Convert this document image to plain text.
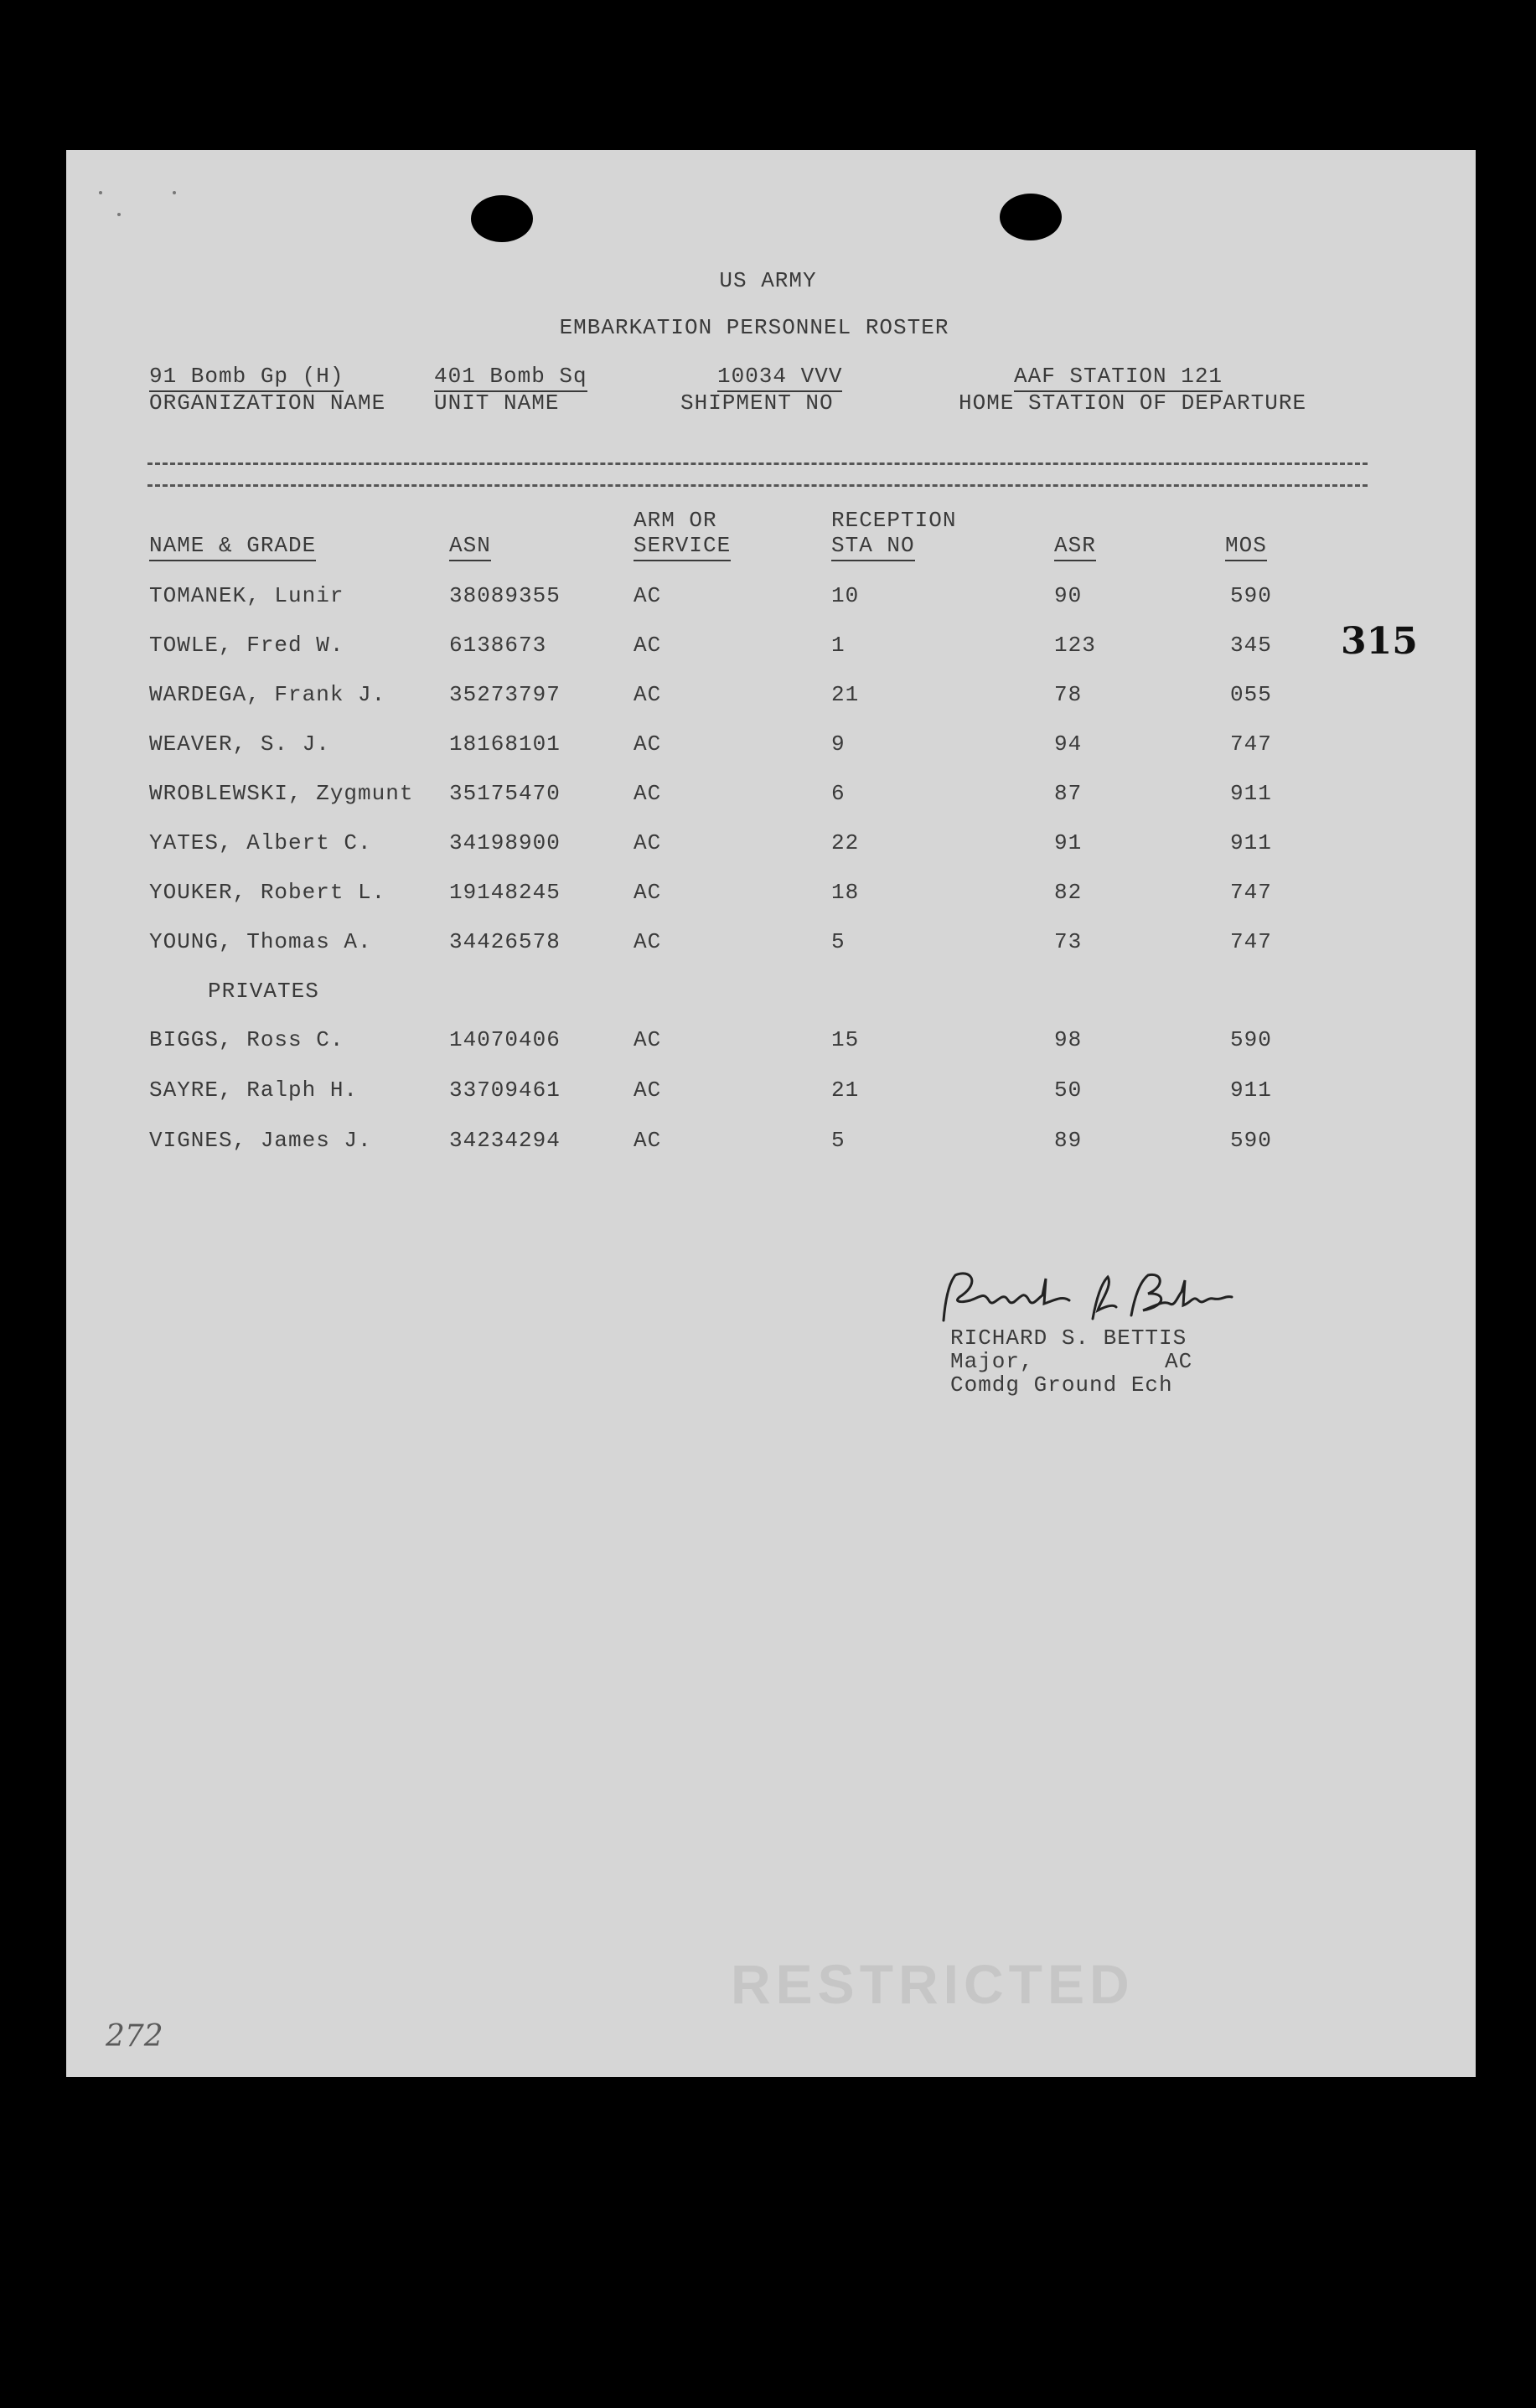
US ARMY
EMBARKATION PERSONNEL ROSTER
91 Bomb Gp (H)
ORGANIZATION NAME
401 Bomb Sq
UNIT NAME
10034 VVV
SHIPMENT NO
AAF STATION 121
HOME STATION OF DEPARTURE
NAME & GRADE	ASN
ARM OR
SERVICE
RECEPTION
STA NO	ASR	MOS
TOMANEK, Lunir	38089355	AC	10	90	590
TOWLE, Fred W.	6138673	AC	1	123	345
WARDEGA, Frank J.	35273797	AC	21	78	055
WEAVER, S. J.	18168101	AC	9	94	747
WROBLEWSKI, Zygmunt 35175470	AC	6	87	911
YATES, Albert C.	34198900	AC	22	91	911
YOUKER, Robert L.	19148245	AC	18	82	747
YOUNG, Thomas A.	34426578	AC	5	73	747
PRIVATES
BIGGS, Ross C.	14070406	AC	15	98	590
SAYRE, Ralph H.	33709461	AC	21	50	911
VIGNES, James J.	34234294	AC	5	89	590
315
RICHARD S. BETTIS
Major,	AC
Comdg Ground Ech
RESTRICTED
272
